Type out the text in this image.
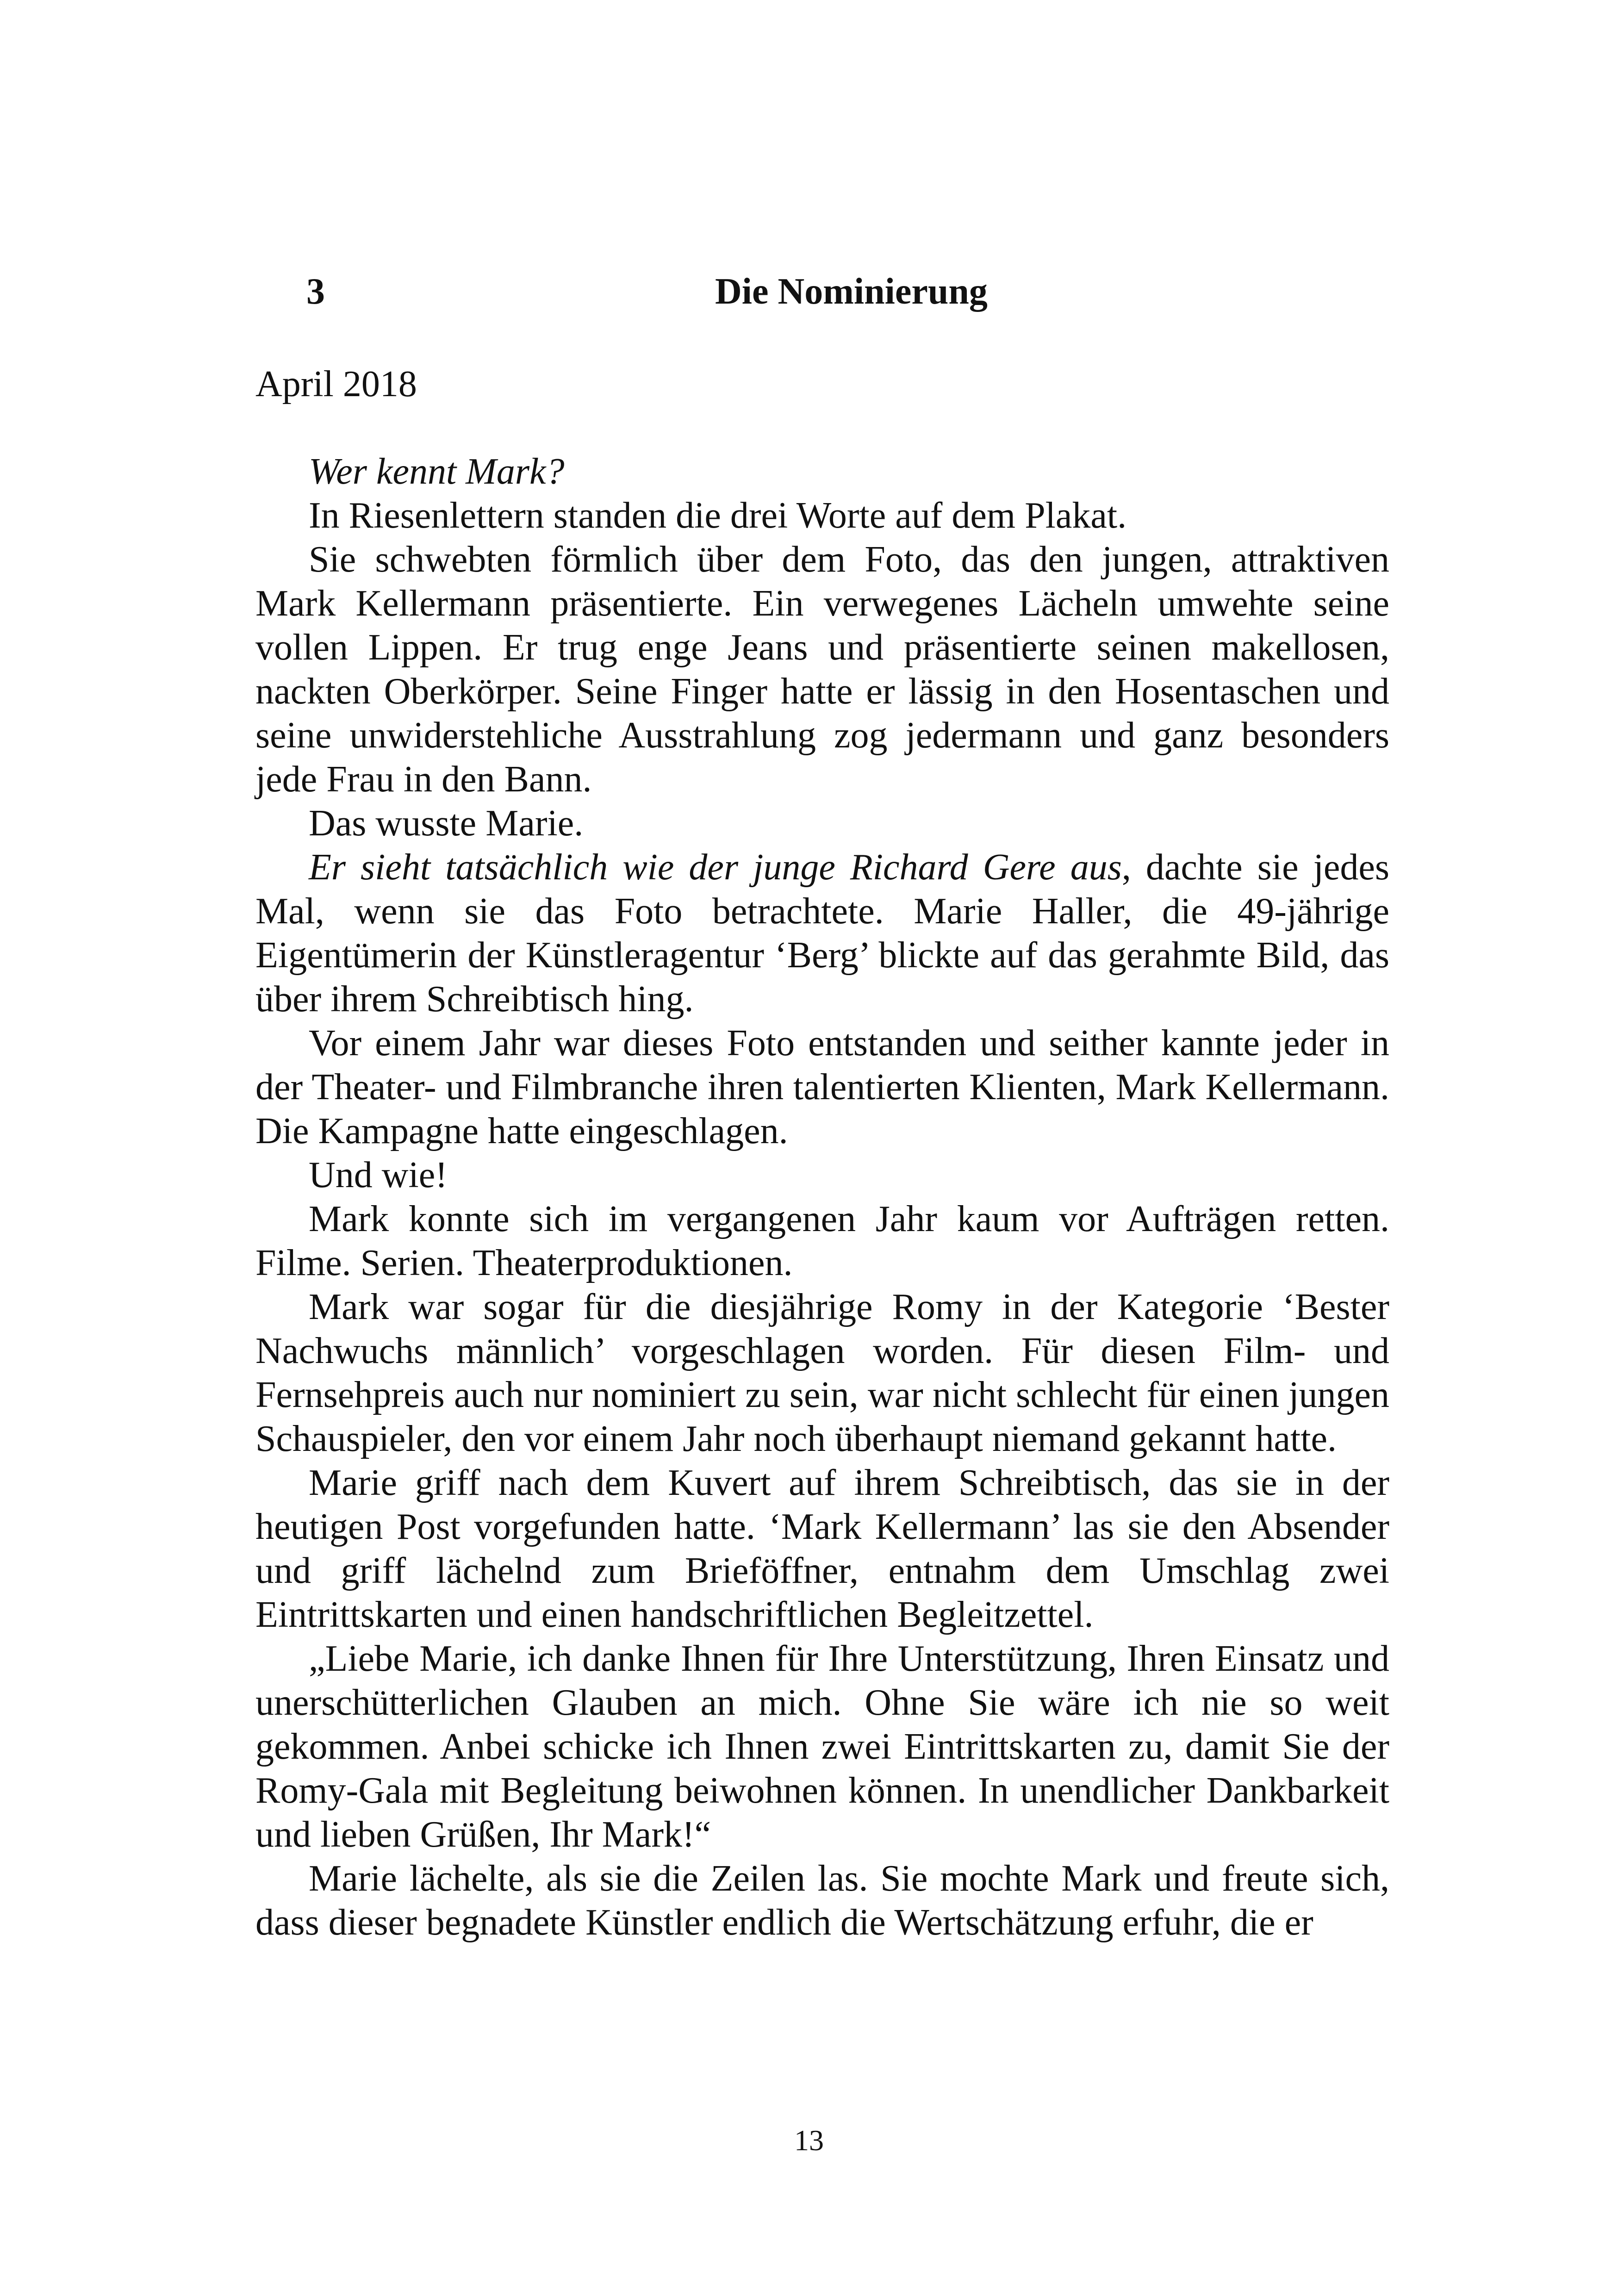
3	Die Nominierung
April 2018

Wer kennt Mark?

In Riesenlettern standen die drei Worte auf dem Plakat.

Sie schwebten förmlich über dem Foto, das den jungen, attraktiven Mark Kellermann präsentierte. Ein verwegenes Lächeln umwehte seine vollen Lippen. Er trug enge Jeans und präsentierte seinen makellosen, nackten Oberkörper. Seine Finger hatte er lässig in den Hosentaschen und seine unwiderstehliche Ausstrahlung zog jedermann und ganz besonders jede Frau in den Bann.

Das wusste Marie.

Er sieht tatsächlich wie der junge Richard Gere aus, dachte sie jedes Mal, wenn sie das Foto betrachtete. Marie Haller, die 49-jährige Eigentümerin der Künstleragentur ‘Berg’ blickte auf das gerahmte Bild, das über ihrem Schreibtisch hing.

Vor einem Jahr war dieses Foto entstanden und seither kannte jeder in der Theater- und Filmbranche ihren talentierten Klienten, Mark Kellermann. Die Kampagne hatte eingeschlagen.

Und wie!

Mark konnte sich im vergangenen Jahr kaum vor Aufträgen retten. Filme. Serien. Theaterproduktionen.

Mark war sogar für die diesjährige Romy in der Kategorie ‘Bester Nachwuchs männlich’ vorgeschlagen worden. Für diesen Film- und Fernsehpreis auch nur nominiert zu sein, war nicht schlecht für einen jungen Schauspieler, den vor einem Jahr noch überhaupt niemand gekannt hatte.

Marie griff nach dem Kuvert auf ihrem Schreibtisch, das sie in der heutigen Post vorgefunden hatte. ‘Mark Kellermann’ las sie den Absender und griff lächelnd zum Brieföffner, entnahm dem Umschlag zwei Eintrittskarten und einen handschriftlichen Begleitzettel.

„Liebe Marie, ich danke Ihnen für Ihre Unterstützung, Ihren Einsatz und unerschütterlichen Glauben an mich. Ohne Sie wäre ich nie so weit gekommen. Anbei schicke ich Ihnen zwei Eintrittskarten zu, damit Sie der Romy-Gala mit Begleitung beiwohnen können. In unendlicher Dankbarkeit und lieben Grüßen, Ihr Mark!“

Marie lächelte, als sie die Zeilen las. Sie mochte Mark und freute sich, dass dieser begnadete Künstler endlich die Wertschätzung erfuhr, die er

13
